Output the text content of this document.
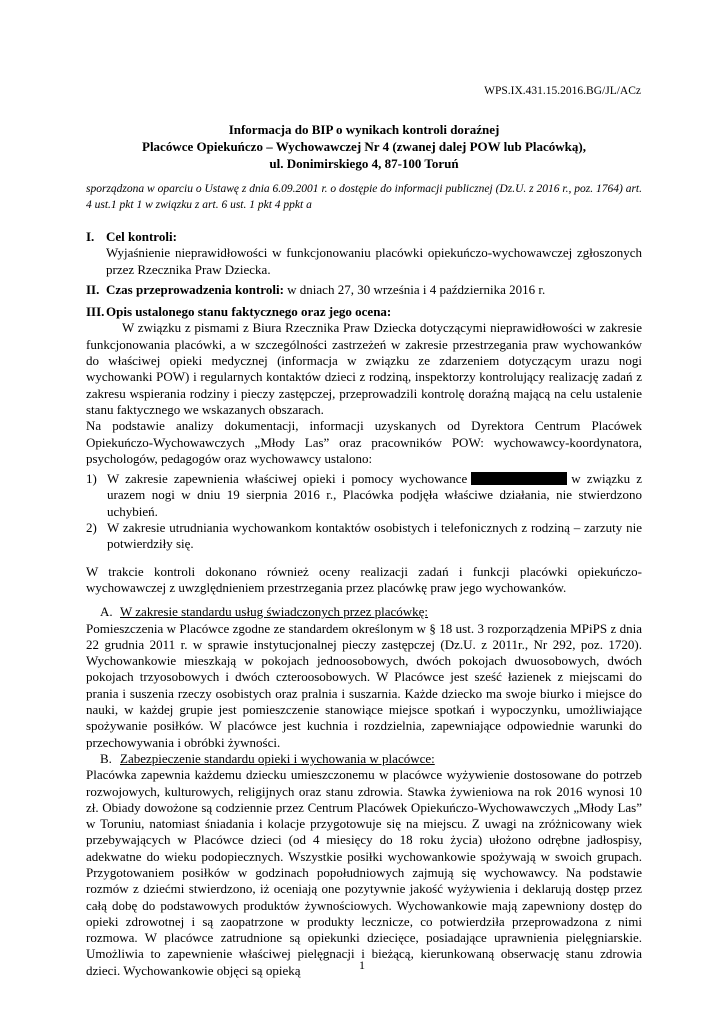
WPS.IX.431.15.2016.BG/JL/ACz
Informacja do BIP o wynikach kontroli doraźnej
Placówce Opiekuńczo – Wychowawczej Nr 4 (zwanej dalej POW lub Placówką),
ul. Donimirskiego 4, 87-100 Toruń
sporządzona w oparciu o Ustawę z dnia 6.09.2001 r. o dostępie do informacji publicznej (Dz.U. z 2016 r., poz. 1764) art. 4 ust.1 pkt 1 w związku z art. 6 ust. 1 pkt 4 ppkt a
I. Cel kontroli:

Wyjaśnienie nieprawidłowości w funkcjonowaniu placówki opiekuńczo-wychowawczej zgłoszonych przez Rzecznika Praw Dziecka.

II. Czas przeprowadzenia kontroli: w dniach 27, 30 września i 4 października 2016 r.
III. Opis ustalonego stanu faktycznego oraz jego ocena:

W związku z pismami z Biura Rzecznika Praw Dziecka dotyczącymi nieprawidłowości w zakresie funkcjonowania placówki, a w szczególności zastrzeżeń w zakresie przestrzegania praw wychowanków do właściwej opieki medycznej (informacja w związku ze zdarzeniem dotyczącym urazu nogi wychowanki POW) i regularnych kontaktów dzieci z rodziną, inspektorzy kontrolujący realizację zadań z zakresu wspierania rodziny i pieczy zastępczej, przeprowadzili kontrolę doraźną mającą na celu ustalenie stanu faktycznego we wskazanych obszarach.

Na podstawie analizy dokumentacji, informacji uzyskanych od Dyrektora Centrum Placówek Opiekuńczo-Wychowawczych „Młody Las” oraz pracowników POW: wychowawcy-koordynatora, psychologów, pedagogów oraz wychowawcy ustalono:

1) W zakresie zapewnienia właściwej opieki i pomocy wychowance	w związku z urazem nogi w dniu 19 sierpnia 2016 r., Placówka podjęła właściwe działania, nie stwierdzono uchybień.
2) W zakresie utrudniania wychowankom kontaktów osobistych i telefonicznych z rodziną – zarzuty nie potwierdziły się.

W trakcie kontroli dokonano również oceny realizacji zadań i funkcji placówki opiekuńczo-wychowawczej z uwzględnieniem przestrzegania przez placówkę praw jego wychowanków.

A. W zakresie standardu usług świadczonych przez placówkę:

Pomieszczenia w Placówce zgodne ze standardem określonym w § 18 ust. 3 rozporządzenia MPiPS z dnia 22 grudnia 2011 r. w sprawie instytucjonalnej pieczy zastępczej (Dz.U. z 2011r., Nr 292, poz. 1720). Wychowankowie mieszkają w pokojach jednoosobowych, dwóch pokojach dwuosobowych, dwóch pokojach trzyosobowych i dwóch czteroosobowych. W Placówce jest sześć łazienek z miejscami do prania i suszenia rzeczy osobistych oraz pralnia i suszarnia. Każde dziecko ma swoje biurko i miejsce do nauki, w każdej grupie jest pomieszczenie stanowiące miejsce spotkań i wypoczynku, umożliwiające spożywanie posiłków. W placówce jest kuchnia i rozdzielnia, zapewniające odpowiednie warunki do przechowywania i obróbki żywności.

B. Zabezpieczenie standardu opieki i wychowania w placówce:

Placówka zapewnia każdemu dziecku umieszczonemu w placówce wyżywienie dostosowane do potrzeb rozwojowych, kulturowych, religijnych oraz stanu zdrowia. Stawka żywieniowa na rok 2016 wynosi 10 zł. Obiady dowożone są codziennie przez Centrum Placówek Opiekuńczo-Wychowawczych „Młody Las” w Toruniu, natomiast śniadania i kolacje przygotowuje się na miejscu. Z uwagi na zróżnicowany wiek przebywających w Placówce dzieci (od 4 miesięcy do 18 roku życia) ułożono odrębne jadłospisy, adekwatne do wieku podopiecznych. Wszystkie posiłki wychowankowie spożywają w swoich grupach. Przygotowaniem posiłków w godzinach popołudniowych zajmują się wychowawcy. Na podstawie rozmów z dziećmi stwierdzono, iż oceniają one pozytywnie jakość wyżywienia i deklarują dostęp przez całą dobę do podstawowych produktów żywnościowych. Wychowankowie mają zapewniony dostęp do opieki zdrowotnej i są zaopatrzone w produkty lecznicze, co potwierdziła przeprowadzona z nimi rozmowa. W placówce zatrudnione są opiekunki dziecięce, posiadające uprawnienia pielęgniarskie. Umożliwia to zapewnienie właściwej pielęgnacji i bieżącą, kierunkowaną obserwację stanu zdrowia dzieci. Wychowankowie objęci są opieką	1
